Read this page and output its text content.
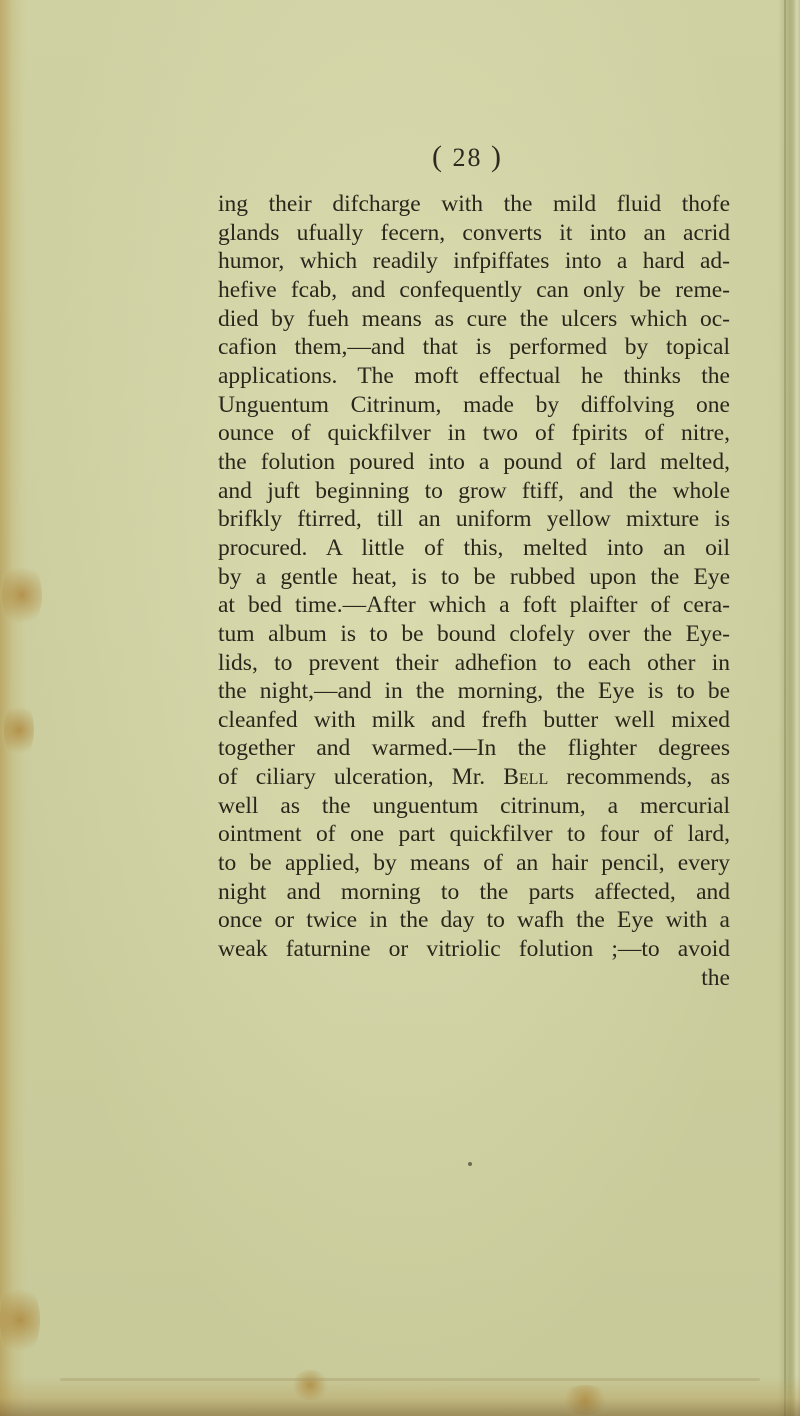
( 28 )
ing their difcharge with the mild fluid thofe
glands ufually fecern, converts it into an acrid
humor, which readily infpiffates into a hard ad-
hefive fcab, and confequently can only be reme-
died by fueh means as cure the ulcers which oc-
cafion them,—and that is performed by topical
applications. The moft effectual he thinks the
Unguentum Citrinum, made by diffolving one
ounce of quickfilver in two of fpirits of nitre,
the folution poured into a pound of lard melted,
and juft beginning to grow ftiff, and the whole
brifkly ftirred, till an uniform yellow mixture is
procured. A little of this, melted into an oil
by a gentle heat, is to be rubbed upon the Eye
at bed time.—After which a foft plaifter of cera-
tum album is to be bound clofely over the Eye-
lids, to prevent their adhefion to each other in
the night,—and in the morning, the Eye is to be
cleanfed with milk and frefh butter well mixed
together and warmed.—In the flighter degrees
of ciliary ulceration, Mr. Bell recommends, as
well as the unguentum citrinum, a mercurial
ointment of one part quickfilver to four of lard,
to be applied, by means of an hair pencil, every
night and morning to the parts affected, and
once or twice in the day to wafh the Eye with a
weak faturnine or vitriolic folution ;—to avoid
the
